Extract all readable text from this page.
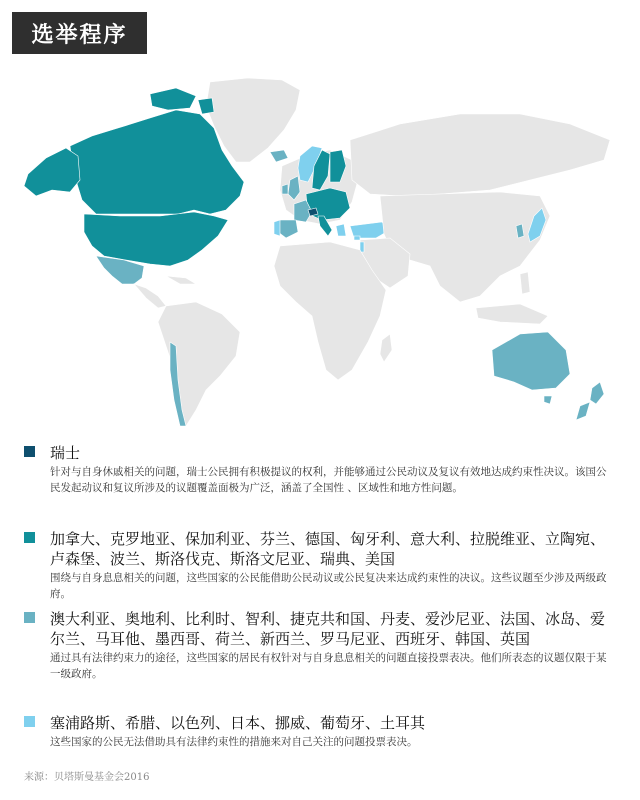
选举程序
瑞士
针对与自身休戚相关的问题，瑞士公民拥有积极提议的权利，并能够通过公民动议及复议有效地达成约束性决议。该国公民发起动议和复议所涉及的议题覆盖面极为广泛，涵盖了全国性 、区域性和地方性问题。
加拿大、克罗地亚、保加利亚、芬兰、德国、匈牙利、意大利、拉脱维亚、立陶宛、卢森堡、波兰、斯洛伐克、斯洛文尼亚、瑞典、美国
围绕与自身息息相关的问题，这些国家的公民能借助公民动议或公民复决来达成约束性的决议。这些议题至少涉及两级政府。
澳大利亚、奥地利、比利时、智利、捷克共和国、丹麦、爱沙尼亚、法国、冰岛、爱尔兰、马耳他、墨西哥、荷兰、新西兰、罗马尼亚、西班牙、韩国、英国
通过具有法律约束力的途径，这些国家的居民有权针对与自身息息相关的问题直接投票表决。他们所表态的议题仅限于某一级政府。
塞浦路斯、希腊、以色列、日本、挪威、葡萄牙、土耳其
这些国家的公民无法借助具有法律约束性的措施来对自己关注的问题投票表决。
来源：贝塔斯曼基金会2016
